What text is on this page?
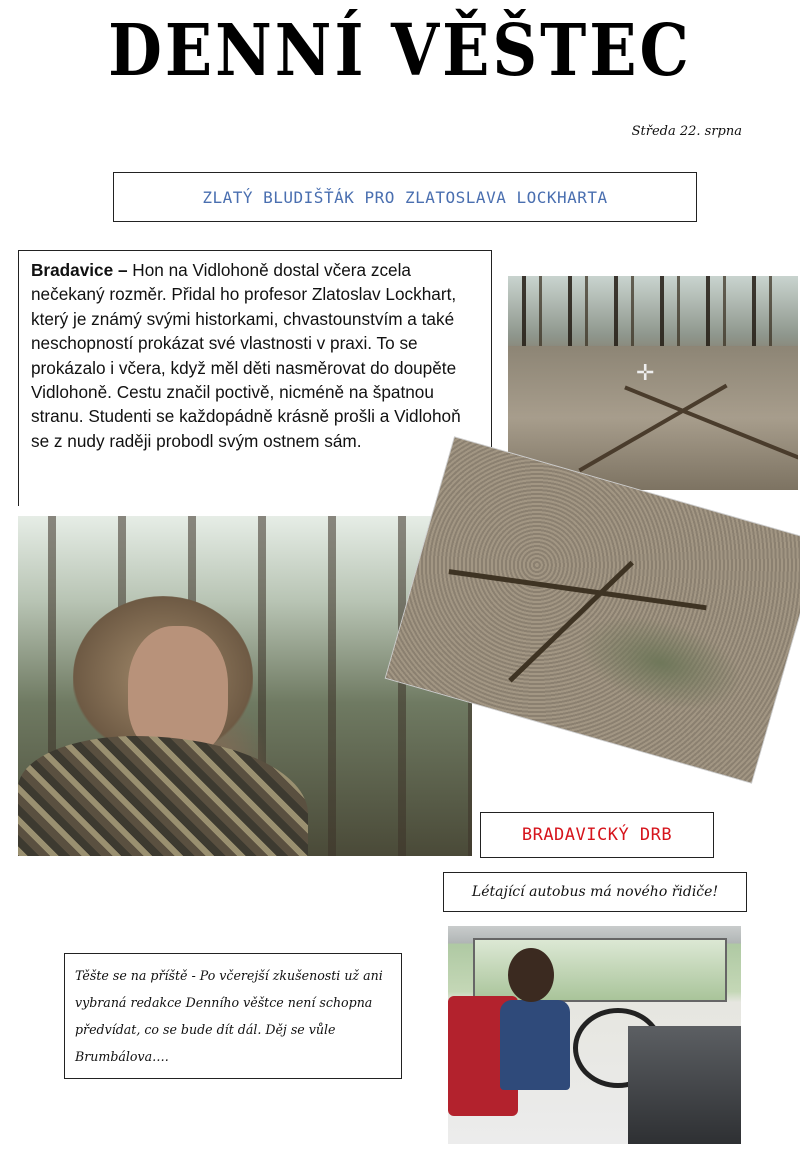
DENNÍ VĚŠTEC
Středa 22. srpna
ZLATÝ BLUDIŠŤÁK PRO ZLATOSLAVA LOCKHARTA
Bradavice – Hon na Vidlohoně dostal včera zcela nečekaný rozměr. Přidal ho profesor Zlatoslav Lockhart, který je známý svými historkami, chvastounstvím a také neschopností prokázat své vlastnosti v praxi. To se prokázalo i včera, když měl děti nasměrovat do doupěte Vidlohoně. Cestu značil poctivě, nicméně na špatnou stranu. Studenti se každopádně krásně prošli a Vidlohoň se z nudy raději probodl svým ostnem sám.
✛
BRADAVICKÝ DRB
Létající autobus má nového řidiče!
Těšte se na příště - Po včerejší zkušenosti už ani vybraná redakce Denního věštce není schopna předvídat, co se bude dít dál. Děj se vůle Brumbálova….
